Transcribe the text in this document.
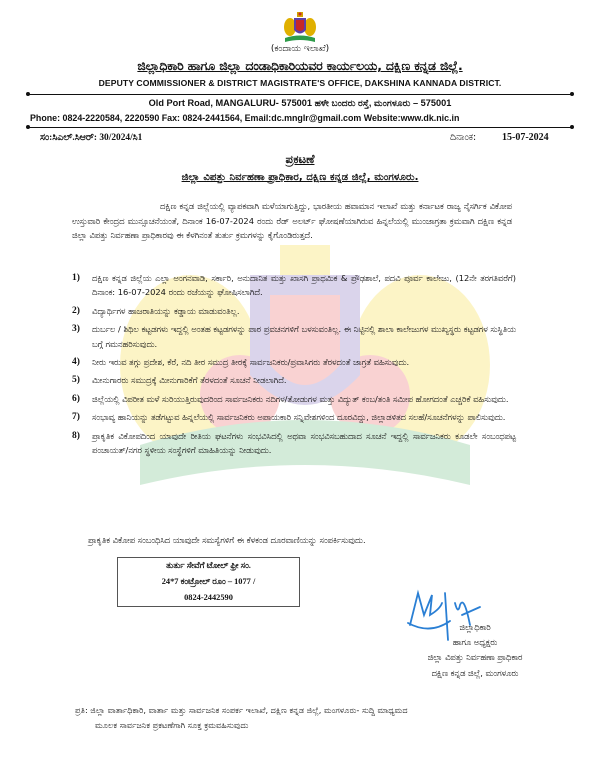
(ಕಂದಾಯ ಇಲಾಖೆ)
ಜಿಲ್ಲಾಧಿಕಾರಿ ಹಾಗೂ ಜಿಲ್ಲಾ ದಂಡಾಧಿಕಾರಿಯವರ ಕಾರ್ಯಲಯ, ದಕ್ಷಿಣ ಕನ್ನಡ ಜಿಲ್ಲೆ.
DEPUTY COMMISSIONER & DISTRICT MAGISTRATE'S OFFICE, DAKSHINA KANNADA DISTRICT.
Old Port Road, MANGALURU- 575001 ಹಳೇ ಬಂದರು ರಸ್ತೆ, ಮಂಗಳೂರು – 575001
Phone: 0824-2220584, 2220590 Fax: 0824-2441564, Email:dc.mnglr@gmail.com Website:www.dk.nic.in
ಸಂ:ಸಿಎಲ್.ಸಿಆರ್: 30/2024/ಸಿ1	ದಿನಾಂಕ:	15-07-2024
ಪ್ರಕಟಣೆ
ಜಿಲ್ಲಾ ವಿಪತ್ತು ನಿರ್ವಹಣಾ ಪ್ರಾಧಿಕಾರ, ದಕ್ಷಿಣ ಕನ್ನಡ ಜಿಲ್ಲೆ, ಮಂಗಳೂರು.
ದಕ್ಷಿಣ ಕನ್ನಡ ಜಿಲ್ಲೆಯಲ್ಲಿ ವ್ಯಾಪಕವಾಗಿ ಮಳೆಯಾಗುತ್ತಿದ್ದು, ಭಾರತೀಯ ಹವಾಮಾನ ಇಲಾಖೆ ಮತ್ತು ಕರ್ನಾಟಕ ರಾಜ್ಯ ನೈಸರ್ಗಿಕ ವಿಕೋಪ ಉಸ್ತುವಾರಿ ಕೇಂದ್ರದ ಮುನ್ಸೂಚನೆಯಂತೆ, ದಿನಾಂಕ 16-07-2024 ರಂದು ರೆಡ್ ಅಲರ್ಟ್ ಘೋಷಣೆಯಾಗಿರುವ ಹಿನ್ನಲೆಯಲ್ಲಿ ಮುಂಜಾಗ್ರತಾ ಕ್ರಮವಾಗಿ ದಕ್ಷಿಣ ಕನ್ನಡ ಜಿಲ್ಲಾ ವಿಪತ್ತು ನಿರ್ವಹಣಾ ಪ್ರಾಧಿಕಾರವು ಈ ಕೆಳಗಿನಂತೆ ತುರ್ತು ಕ್ರಮಗಳನ್ನು ಕೈಗೊಂಡಿರುತ್ತದೆ.
1) ದಕ್ಷಿಣ ಕನ್ನಡ ಜಿಲ್ಲೆಯ ಎಲ್ಲಾ ಅಂಗನವಾಡಿ, ಸರ್ಕಾರಿ, ಅನುದಾನಿತ ಮತ್ತು ಖಾಸಗಿ ಪ್ರಾಥಮಿಕ & ಪ್ರೌಢಶಾಲೆ, ಪದವಿ ಪೂರ್ವ ಕಾಲೇಜು, (12ನೇ ತರಗತಿವರೆಗೆ) ದಿನಾಂಕ: 16-07-2024 ರಂದು ರಜೆಯನ್ನು ಘೋಷಿಸಲಾಗಿದೆ.
2) ವಿದ್ಯಾರ್ಥಿಗಳ ಹಾಜರಾತಿಯನ್ನು ಕಡ್ಡಾಯ ಮಾಡುವಂತಿಲ್ಲ.
3) ದುರ್ಬಲ / ಶಿಥಿಲ ಕಟ್ಟಡಗಳು ಇದ್ದಲ್ಲಿ ಅಂತಹ ಕಟ್ಟಡಗಳನ್ನು ಪಾಠ ಪ್ರವಚನಗಳಿಗೆ ಬಳಸುವಂತಿಲ್ಲ. ಈ ನಿಟ್ಟಿನಲ್ಲಿ ಶಾಲಾ ಕಾಲೇಜುಗಳ ಮುಖ್ಯಸ್ಥರು ಕಟ್ಟಡಗಳ ಸುಸ್ಥಿತಿಯ ಬಗ್ಗೆ ಗಮನಹರಿಸುವುದು.
4) ನೀರು ಇರುವ ತಗ್ಗು ಪ್ರದೇಶ, ಕೆರೆ, ನದಿ ತೀರ ಸಮುದ್ರ ತೀರಕ್ಕೆ ಸಾರ್ವಜನಿಕರು/ಪ್ರವಾಸಿಗರು ತೆರಳದಂತೆ ಜಾಗ್ರತೆ ವಹಿಸುವುದು.
5) ಮೀನುಗಾರರು ಸಮುದ್ರಕ್ಕೆ ಮೀನುಗಾರಿಕೆಗೆ ತೆರಳದಂತೆ ಸೂಚನೆ ನೀಡಲಾಗಿದೆ.
6) ಜಿಲ್ಲೆಯಲ್ಲಿ ವಿಪರೀತ ಮಳೆ ಸುರಿಯುತ್ತಿರುವುದರಿಂದ ಸಾರ್ವಜನಿಕರು ನದಿಗಳ/ತೋಡುಗಳ ಮತ್ತು ವಿದ್ಯುತ್ ಕಂಬ/ತಂತಿ ಸಮೀಪ ಹೋಗದಂತೆ ಎಚ್ಚರಿಕೆ ವಹಿಸುವುದು.
7) ಸಂಭಾವ್ಯ ಹಾನಿಯನ್ನು ತಡೆಗಟ್ಟುವ ಹಿನ್ನಲೆಯಲ್ಲಿ ಸಾರ್ವಜನಿಕರು ಅಪಾಯಕಾರಿ ಸನ್ನಿವೇಶಗಳಿಂದ ದೂರವಿದ್ದು, ಜಿಲ್ಲಾಡಳಿತದ ಸಲಹೆ/ಸೂಚನೆಗಳನ್ನು ಪಾಲಿಸುವುದು.
8) ಪ್ರಾಕೃತಿಕ ವಿಕೋಪದಿಂದ ಯಾವುದೇ ರೀತಿಯ ಘಟನೆಗಳು ಸಂಭವಿಸಿದಲ್ಲಿ ಅಥವಾ ಸಂಭವಿಸಬಹುದಾದ ಸೂಚನೆ ಇದ್ದಲ್ಲಿ ಸಾರ್ವಜನಿಕರು ಕೂಡಲೇ ಸಂಬಂಧಪಟ್ಟ ಪಂಚಾಯತ್/ನಗರ ಸ್ಥಳೀಯ ಸಂಸ್ಥೆಗಳಿಗೆ ಮಾಹಿತಿಯನ್ನು ನೀಡುವುದು.
ಪ್ರಾಕೃತಿಕ ವಿಕೋಪ ಸಂಬಂಧಿಸಿದ ಯಾವುದೇ ಸಮಸ್ಯೆಗಳಿಗೆ ಈ ಕೆಳಕಂಡ ದೂರವಾಣಿಯನ್ನು ಸಂಪರ್ಕಿಸುವುದು.
ತುರ್ತು ಸೇವೆಗೆ ಟೋಲ್ ಫ್ರೀ ಸಂ.
24*7 ಕಂಟ್ರೋಲ್ ರೂಂ – 1077 /
0824-2442590
ಜಿಲ್ಲಾಧಿಕಾರಿ
ಹಾಗೂ ಅಧ್ಯಕ್ಷರು
ಜಿಲ್ಲಾ ವಿಪತ್ತು ನಿರ್ವಹಣಾ ಪ್ರಾಧಿಕಾರ
ದಕ್ಷಿಣ ಕನ್ನಡ ಜಿಲ್ಲೆ, ಮಂಗಳೂರು
ಪ್ರತಿ: ಜಿಲ್ಲಾ ವಾರ್ತಾಧಿಕಾರಿ, ವಾರ್ತಾ ಮತ್ತು ಸಾರ್ವಜನಿಕ ಸಂಪರ್ಕ ಇಲಾಖೆ, ದಕ್ಷಿಣ ಕನ್ನಡ ಜಿಲ್ಲೆ, ಮಂಗಳೂರು- ಸುದ್ದಿ ಮಾಧ್ಯಮದ
ಮೂಲಕ ಸಾರ್ವಜನಿಕ ಪ್ರಕಟಣೆಗಾಗಿ ಸೂಕ್ತ ಕ್ರಮವಹಿಸುವುದು
